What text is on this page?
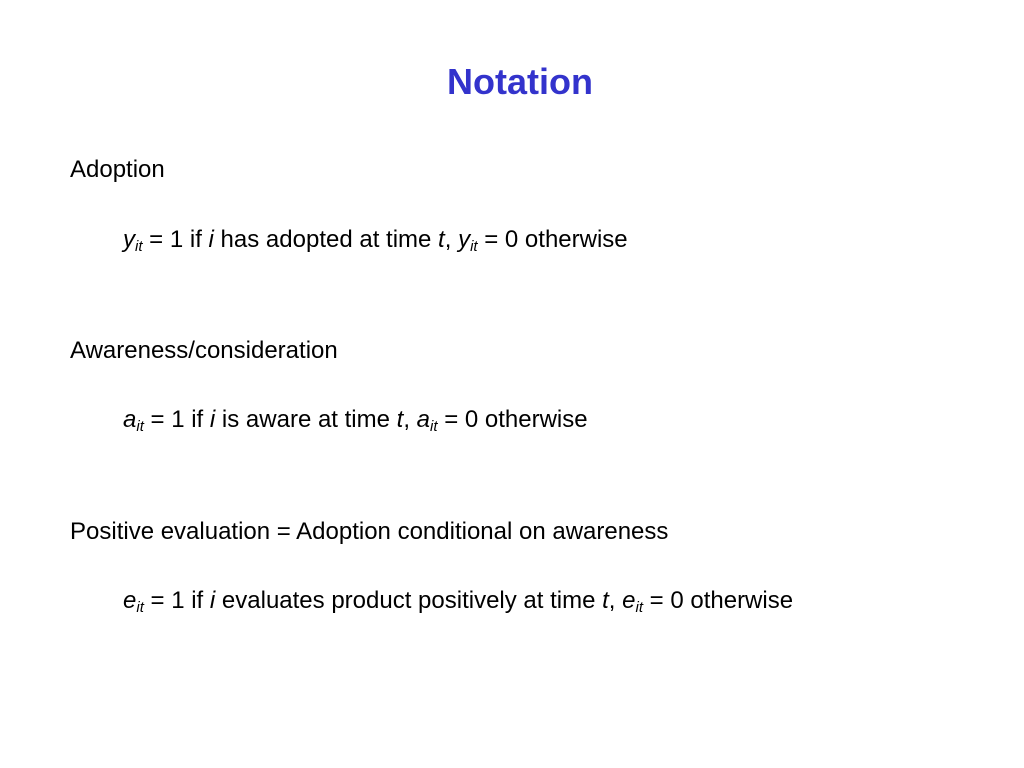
Notation
Adoption
$y_{it} = 1$ if i has adopted at time t, $y_{it} = 0$ otherwise
Awareness/consideration
$a_{it} = 1$ if i is aware at time t, $a_{it} = 0$ otherwise
Positive evaluation = Adoption conditional on awareness
$e_{it} = 1$ if i evaluates product positively at time t, $e_{it} = 0$ otherwise
